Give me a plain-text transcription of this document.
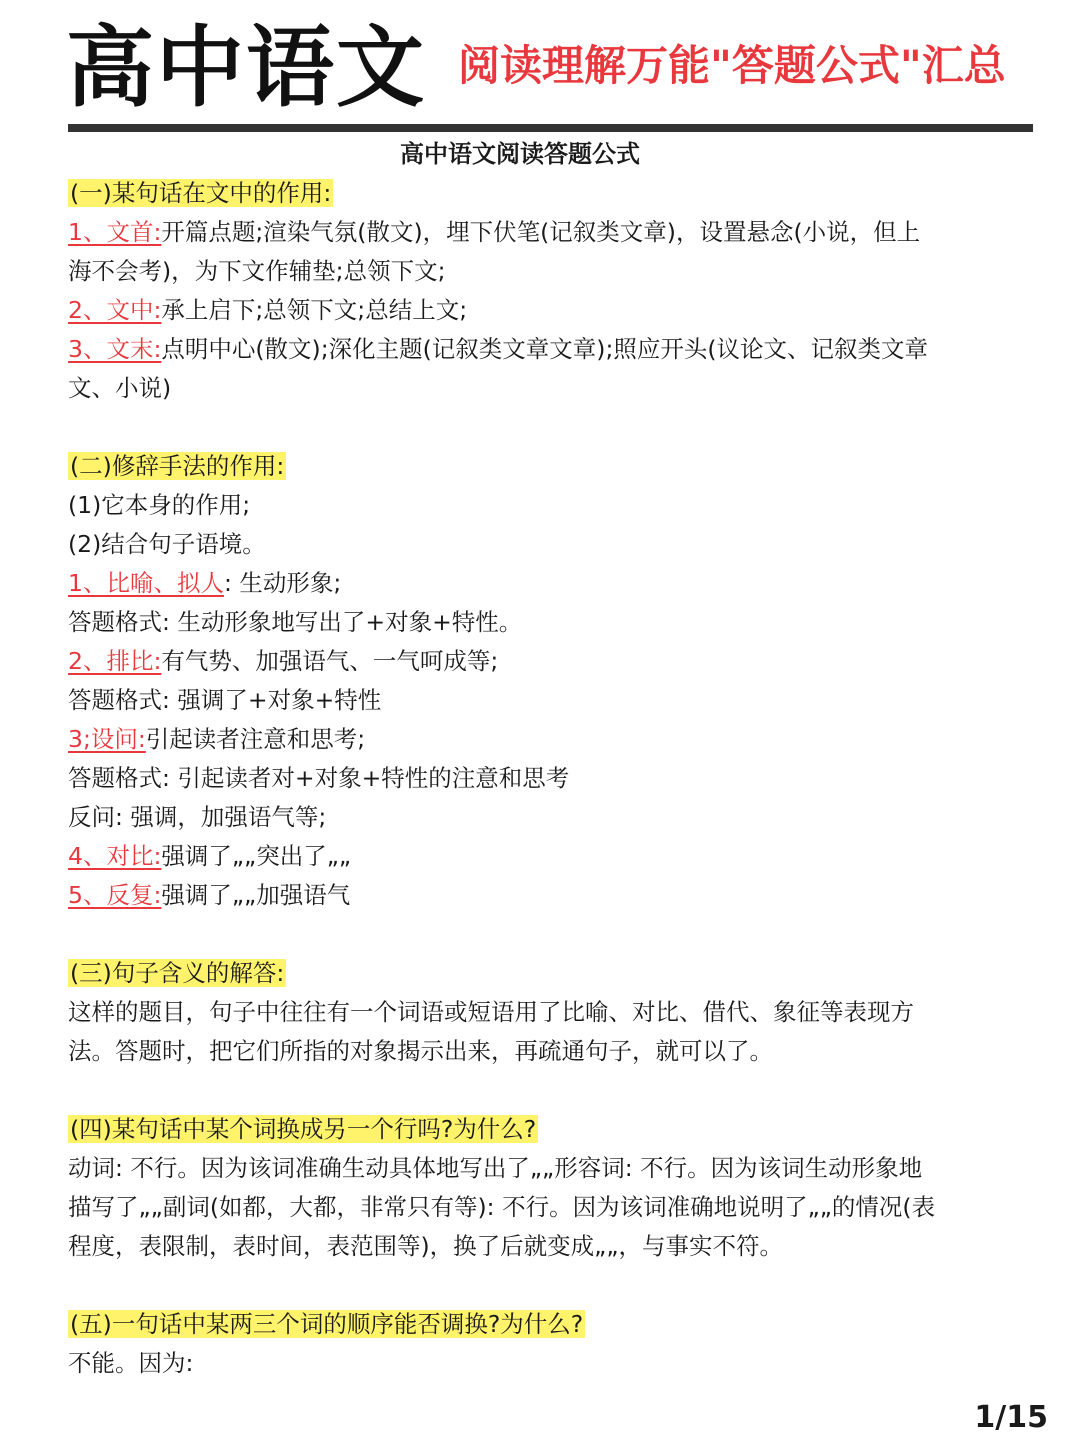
高中语文 阅读理解万能"答题公式"汇总
高中语文阅读答题公式
(一)某句话在文中的作用:
1、文首:开篇点题;渲染气氛(散文)，埋下伏笔(记叙类文章)，设置悬念(小说，但上
海不会考)，为下文作辅垫;总领下文;
2、文中:承上启下;总领下文;总结上文;
3、文末:点明中心(散文);深化主题(记叙类文章文章);照应开头(议论文、记叙类文章
文、小说)
(二)修辞手法的作用:
(1)它本身的作用;
(2)结合句子语境。
1、比喻、拟人: 生动形象;
答题格式: 生动形象地写出了+对象+特性。
2、排比:有气势、加强语气、一气呵成等;
答题格式: 强调了+对象+特性
3;设问:引起读者注意和思考;
答题格式: 引起读者对+对象+特性的注意和思考
反问: 强调，加强语气等;
4、对比:强调了„„突出了„„
5、反复:强调了„„加强语气
(三)句子含义的解答:
这样的题目，句子中往往有一个词语或短语用了比喻、对比、借代、象征等表现方
法。答题时，把它们所指的对象揭示出来，再疏通句子，就可以了。
(四)某句话中某个词换成另一个行吗?为什么?
动词: 不行。因为该词准确生动具体地写出了„„形容词: 不行。因为该词生动形象地
描写了„„副词(如都，大都，非常只有等): 不行。因为该词准确地说明了„„的情况(表
程度，表限制，表时间，表范围等)，换了后就变成„„，与事实不符。
(五)一句话中某两三个词的顺序能否调换?为什么?
不能。因为:
1/15
